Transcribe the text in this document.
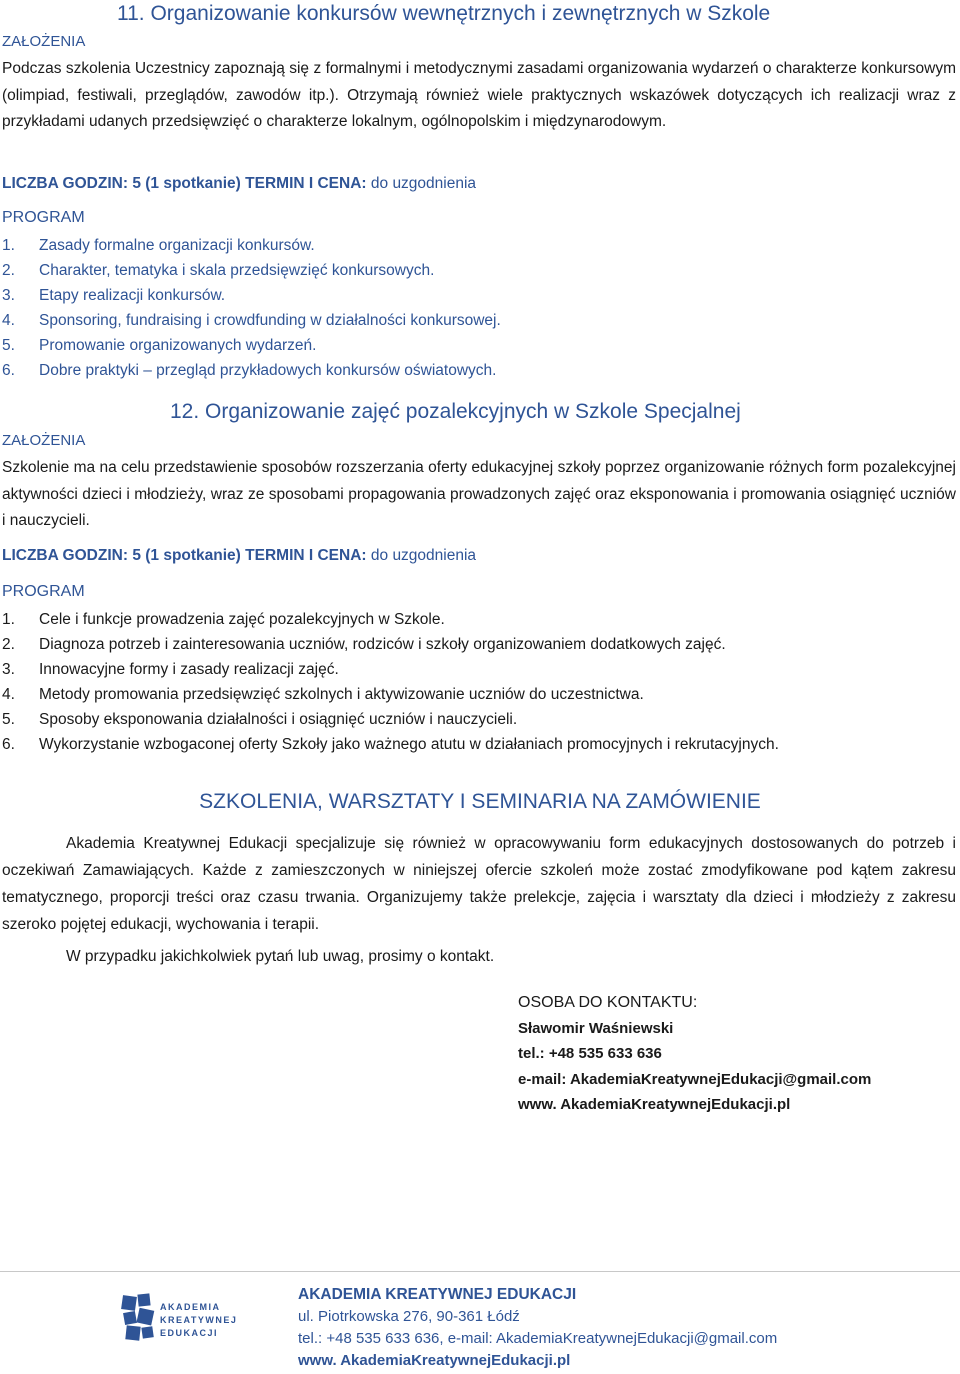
11. Organizowanie konkursów wewnętrznych i zewnętrznych w Szkole
ZAŁOŻENIA

Podczas szkolenia Uczestnicy zapoznają się z formalnymi i metodycznymi zasadami organizowania wydarzeń o charakterze konkursowym (olimpiad, festiwali, przeglądów, zawodów itp.). Otrzymają również wiele praktycznych wskazówek dotyczących ich realizacji wraz z przykładami udanych przedsięwzięć o charakterze lokalnym, ogólnopolskim i międzynarodowym.

LICZBA GODZIN: 5 (1 spotkanie) TERMIN I CENA: do uzgodnienia
PROGRAM
1. Zasady formalne organizacji konkursów.
2. Charakter, tematyka i skala przedsięwzięć konkursowych.
3. Etapy realizacji konkursów.
4. Sponsoring, fundraising i crowdfunding w działalności konkursowej.
5. Promowanie organizowanych wydarzeń.
6. Dobre praktyki – przegląd przykładowych konkursów oświatowych.
12. Organizowanie zajęć pozalekcyjnych w Szkole Specjalnej
ZAŁOŻENIA

Szkolenie ma na celu przedstawienie sposobów rozszerzania oferty edukacyjnej szkoły poprzez organizowanie różnych form pozalekcyjnej aktywności dzieci i młodzieży, wraz ze sposobami propagowania prowadzonych zajęć oraz eksponowania i promowania osiągnięć uczniów i nauczycieli.

LICZBA GODZIN: 5 (1 spotkanie) TERMIN I CENA: do uzgodnienia
PROGRAM
1. Cele i funkcje prowadzenia zajęć pozalekcyjnych w Szkole.
2. Diagnoza potrzeb i zainteresowania uczniów, rodziców i szkoły organizowaniem dodatkowych zajęć.
3. Innowacyjne formy i zasady realizacji zajęć.
4. Metody promowania przedsięwzięć szkolnych i aktywizowanie uczniów do uczestnictwa.
5. Sposoby eksponowania działalności i osiągnięć uczniów i nauczycieli.
6. Wykorzystanie wzbogaconej oferty Szkoły jako ważnego atutu w działaniach promocyjnych i rekrutacyjnych.
SZKOLENIA, WARSZTATY I SEMINARIA NA ZAMÓWIENIE

Akademia Kreatywnej Edukacji specjalizuje się również w opracowywaniu form edukacyjnych dostosowanych do potrzeb i oczekiwań Zamawiających. Każde z zamieszczonych w niniejszej ofercie szkoleń może zostać zmodyfikowane pod kątem zakresu tematycznego, proporcji treści oraz czasu trwania. Organizujemy także prelekcje, zajęcia i warsztaty dla dzieci i młodzieży z zakresu szeroko pojętej edukacji, wychowania i terapii.

W przypadku jakichkolwiek pytań lub uwag, prosimy o kontakt.
OSOBA DO KONTAKTU:
Sławomir Waśniewski
tel.: +48 535 633 636
e-mail: AkademiaKreatywnejEdukacji@gmail.com
www. AkademiaKreatywnejEdukacji.pl
AKADEMIA
KREATYWNEJ
EDUKACJI
AKADEMIA KREATYWNEJ EDUKACJI
ul. Piotrkowska 276, 90-361 Łódź
tel.: +48 535 633 636, e-mail: AkademiaKreatywnejEdukacji@gmail.com
www. AkademiaKreatywnejEdukacji.pl
